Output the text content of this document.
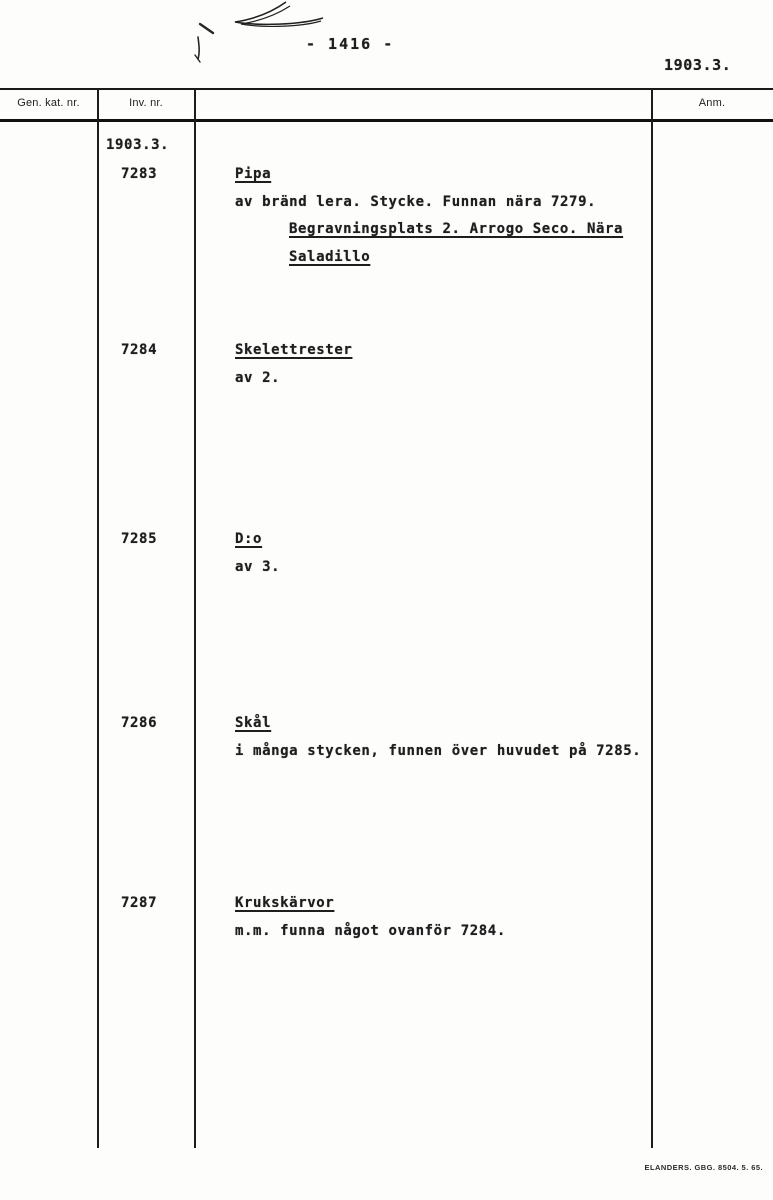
- 1416 -
1903.3.
Gen. kat. nr.	Inv. nr.	Anm.
1903.3.
7283	Pipa
av bränd lera. Stycke. Funnan nära 7279.
Begravningsplats 2. Arrogo Seco. Nära
Saladillo
7284	Skelettrester
av 2.
7285	D:o
av 3.
7286	Skål
i många stycken, funnen över huvudet på 7285.
7287	Krukskärvor
m.m. funna något ovanför 7284.
ELANDERS. GBG. 8504. 5. 65.
